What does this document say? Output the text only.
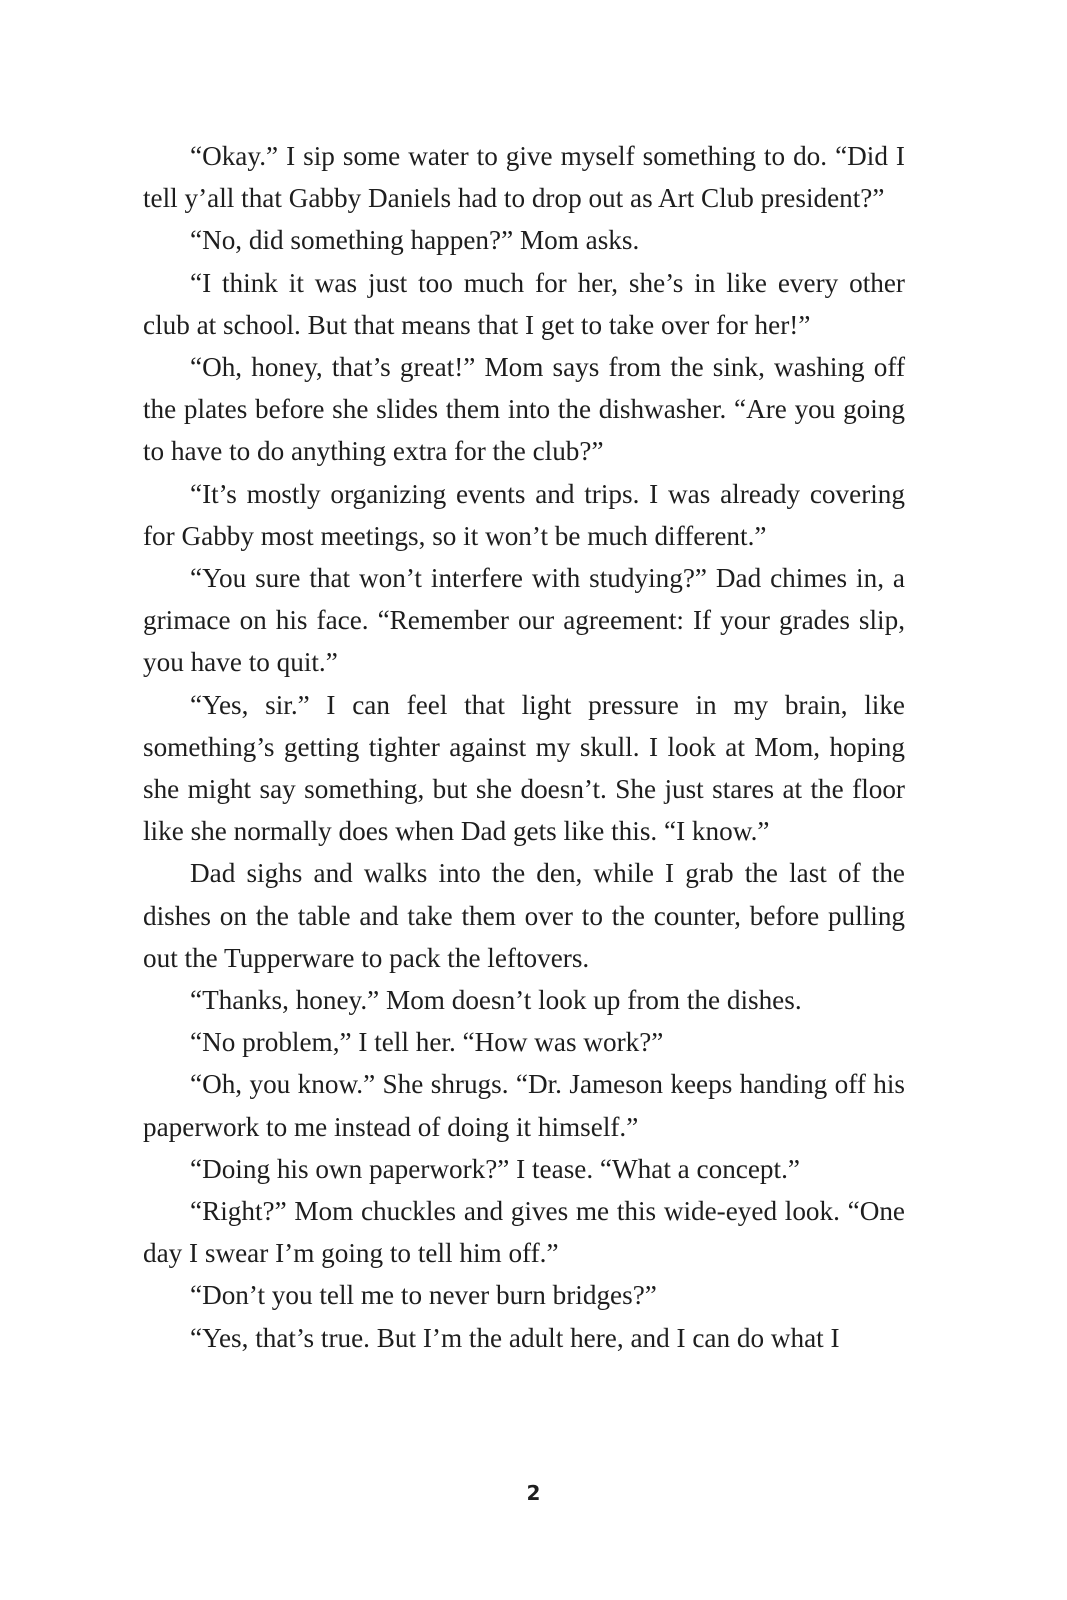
“Okay.” I sip some water to give myself something to do. “Did I tell y’all that Gabby Daniels had to drop out as Art Club president?”

“No, did something happen?” Mom asks.

“I think it was just too much for her, she’s in like every other club at school. But that means that I get to take over for her!”

“Oh, honey, that’s great!” Mom says from the sink, washing off the plates before she slides them into the dishwasher. “Are you going to have to do anything extra for the club?”

“It’s mostly organizing events and trips. I was already covering for Gabby most meetings, so it won’t be much different.”

“You sure that won’t interfere with studying?” Dad chimes in, a grimace on his face. “Remember our agreement: If your grades slip, you have to quit.”

“Yes, sir.” I can feel that light pressure in my brain, like something’s getting tighter against my skull. I look at Mom, hoping she might say something, but she doesn’t. She just stares at the floor like she normally does when Dad gets like this. “I know.”

Dad sighs and walks into the den, while I grab the last of the dishes on the table and take them over to the counter, before pulling out the Tupperware to pack the leftovers.

“Thanks, honey.” Mom doesn’t look up from the dishes.

“No problem,” I tell her. “How was work?”

“Oh, you know.” She shrugs. “Dr. Jameson keeps handing off his paperwork to me instead of doing it himself.”

“Doing his own paperwork?” I tease. “What a concept.”

“Right?” Mom chuckles and gives me this wide-eyed look. “One day I swear I’m going to tell him off.”

“Don’t you tell me to never burn bridges?”

“Yes, that’s true. But I’m the adult here, and I can do what I

2
